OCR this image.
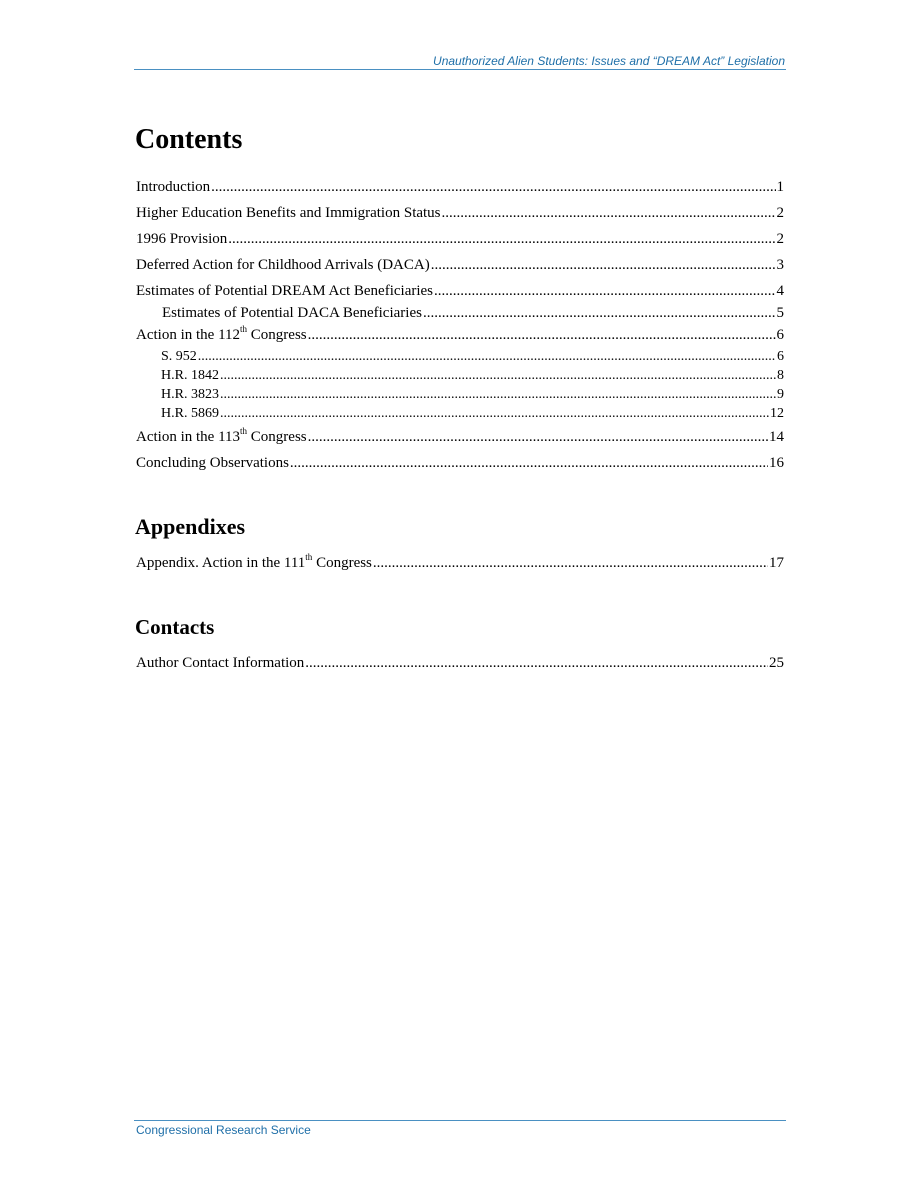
Unauthorized Alien Students: Issues and “DREAM Act” Legislation
Contents
Introduction .....	1
Higher Education Benefits and Immigration Status .....	2
1996 Provision .....	2
Deferred Action for Childhood Arrivals (DACA) .....	3
Estimates of Potential DREAM Act Beneficiaries .....	4
Estimates of Potential DACA Beneficiaries .....	5
Action in the 112th Congress .....	6
S. 952 .....	6
H.R. 1842 .....	8
H.R. 3823 .....	9
H.R. 5869 .....	12
Action in the 113th Congress .....	14
Concluding Observations .....	16
Appendixes
Appendix. Action in the 111th Congress .....	17
Contacts
Author Contact Information .....	25
Congressional Research Service
